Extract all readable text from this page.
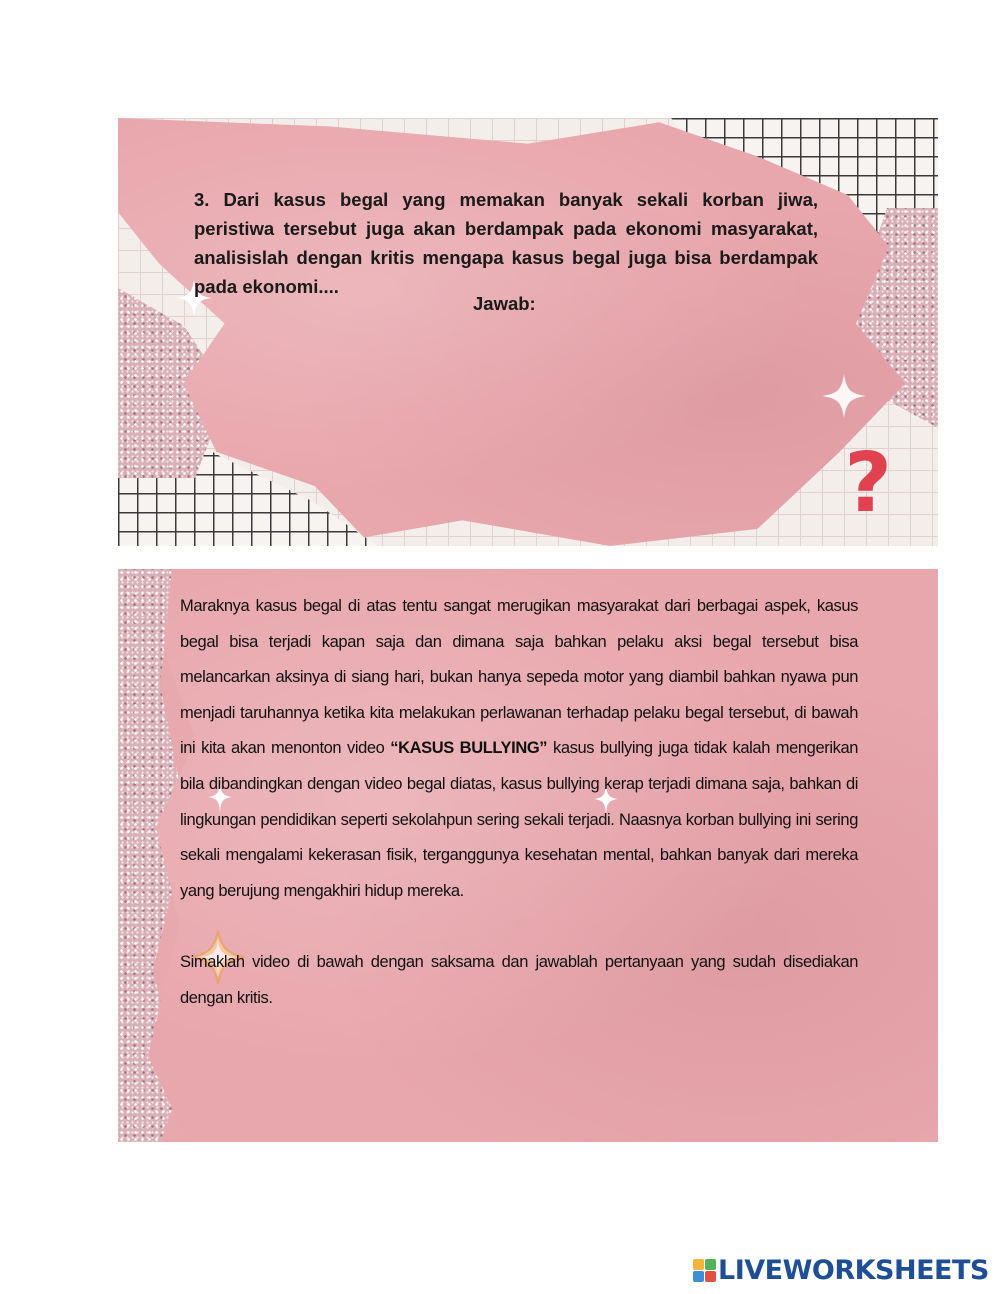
?
3. Dari kasus begal yang memakan banyak sekali korban jiwa, peristiwa tersebut juga akan berdampak pada ekonomi masyarakat, analisislah dengan kritis mengapa kasus begal juga bisa berdampak pada ekonomi....
Jawab:

Maraknya kasus begal di atas tentu sangat merugikan masyarakat dari berbagai aspek, kasus begal bisa terjadi kapan saja dan dimana saja bahkan pelaku aksi begal tersebut bisa melancarkan aksinya di siang hari, bukan hanya sepeda motor yang diambil bahkan nyawa pun menjadi taruhannya ketika kita melakukan perlawanan terhadap pelaku begal tersebut, di bawah ini kita akan menonton video “KASUS BULLYING” kasus bullying juga tidak kalah mengerikan bila dibandingkan dengan video begal diatas, kasus bullying kerap terjadi dimana saja, bahkan di lingkungan pendidikan seperti sekolahpun sering sekali terjadi. Naasnya korban bullying ini sering sekali mengalami kekerasan fisik, terganggunya kesehatan mental, bahkan banyak dari mereka yang berujung mengakhiri hidup mereka.

Simaklah video di bawah dengan saksama dan jawablah pertanyaan yang sudah disediakan dengan kritis.

LIVEWORKSHEETS
